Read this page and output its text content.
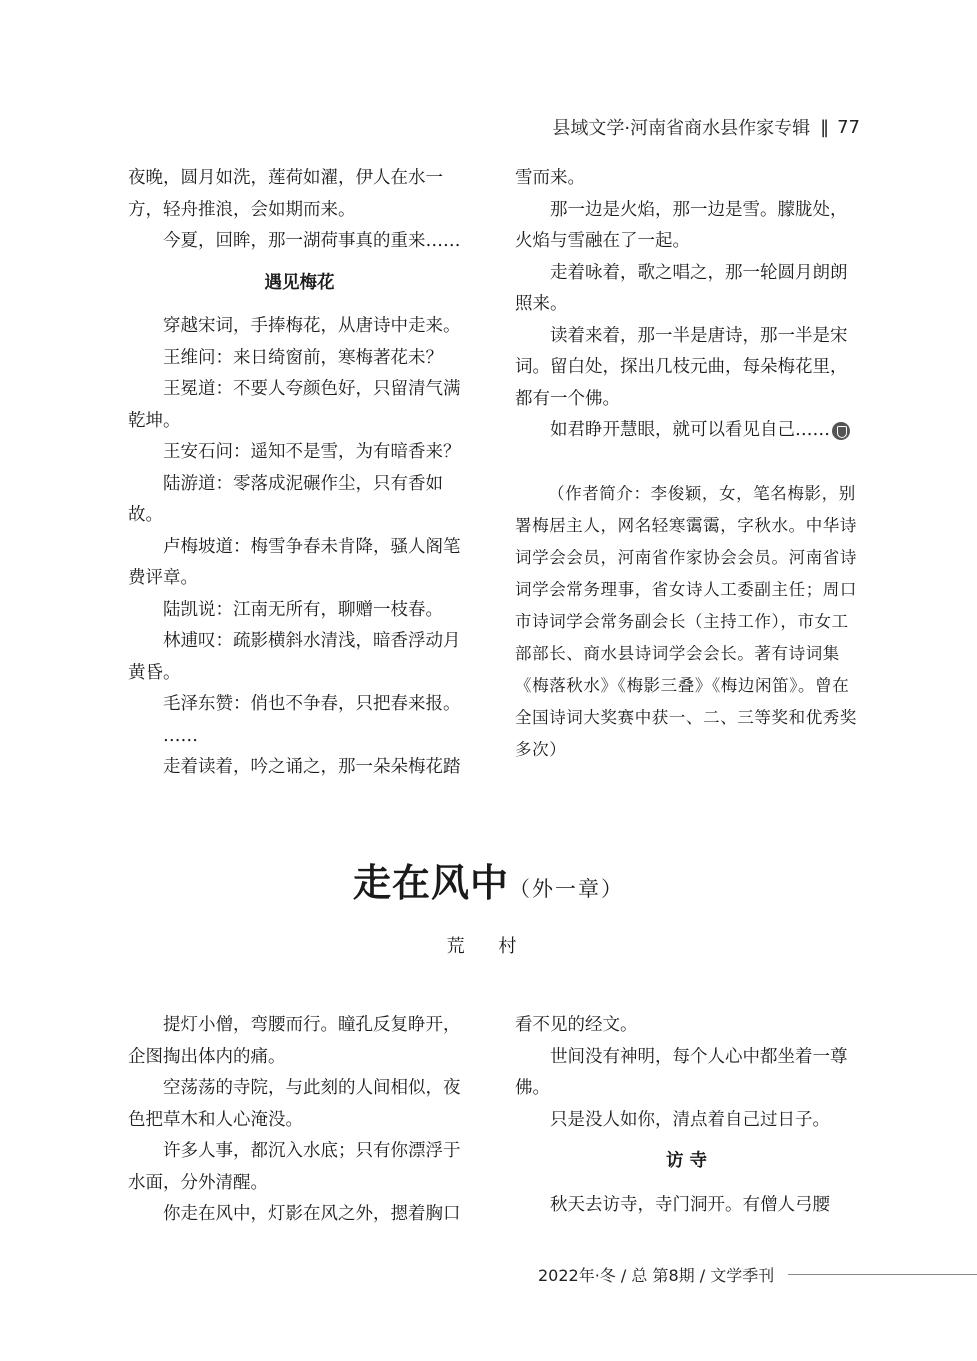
县域文学·河南省商水县作家专辑 ‖ 77

夜晚，圆月如洗，莲荷如濯，伊人在水一方，轻舟推浪，会如期而来。

今夏，回眸，那一湖荷事真的重来……

遇见梅花

穿越宋词，手捧梅花，从唐诗中走来。

王维问：来日绮窗前，寒梅著花未？

王冕道：不要人夸颜色好，只留清气满乾坤。

王安石问：遥知不是雪，为有暗香来？

陆游道：零落成泥碾作尘，只有香如故。

卢梅坡道：梅雪争春未肯降，骚人阁笔费评章。

陆凯说：江南无所有，聊赠一枝春。

林逋叹：疏影横斜水清浅，暗香浮动月黄昏。

毛泽东赞：俏也不争春，只把春来报。

……

走着读着，吟之诵之，那一朵朵梅花踏

雪而来。

那一边是火焰，那一边是雪。朦胧处，火焰与雪融在了一起。

走着咏着，歌之唱之，那一轮圆月朗朗照来。

读着来着，那一半是唐诗，那一半是宋词。留白处，探出几枝元曲，每朵梅花里，都有一个佛。

如君睁开慧眼，就可以看见自己……

（作者简介：李俊颖，女，笔名梅影，别署梅居主人，网名轻寒霭霭，字秋水。中华诗词学会会员，河南省作家协会会员。河南省诗词学会常务理事，省女诗人工委副主任；周口市诗词学会常务副会长（主持工作），市女工部部长、商水县诗词学会会长。著有诗词集《梅落秋水》《梅影三叠》《梅边闲笛》。曾在全国诗词大奖赛中获一、二、三等奖和优秀奖多次）

走在风中（外一章）
荒 村

提灯小僧，弯腰而行。瞳孔反复睁开，企图掏出体内的痛。

空荡荡的寺院，与此刻的人间相似，夜色把草木和人心淹没。

许多人事，都沉入水底；只有你漂浮于水面，分外清醒。

你走在风中，灯影在风之外，摁着胸口

看不见的经文。

世间没有神明，每个人心中都坐着一尊佛。

只是没人如你，清点着自己过日子。

访 寺

秋天去访寺，寺门洞开。有僧人弓腰

2022年·冬 / 总 第8期 / 文学季刊
